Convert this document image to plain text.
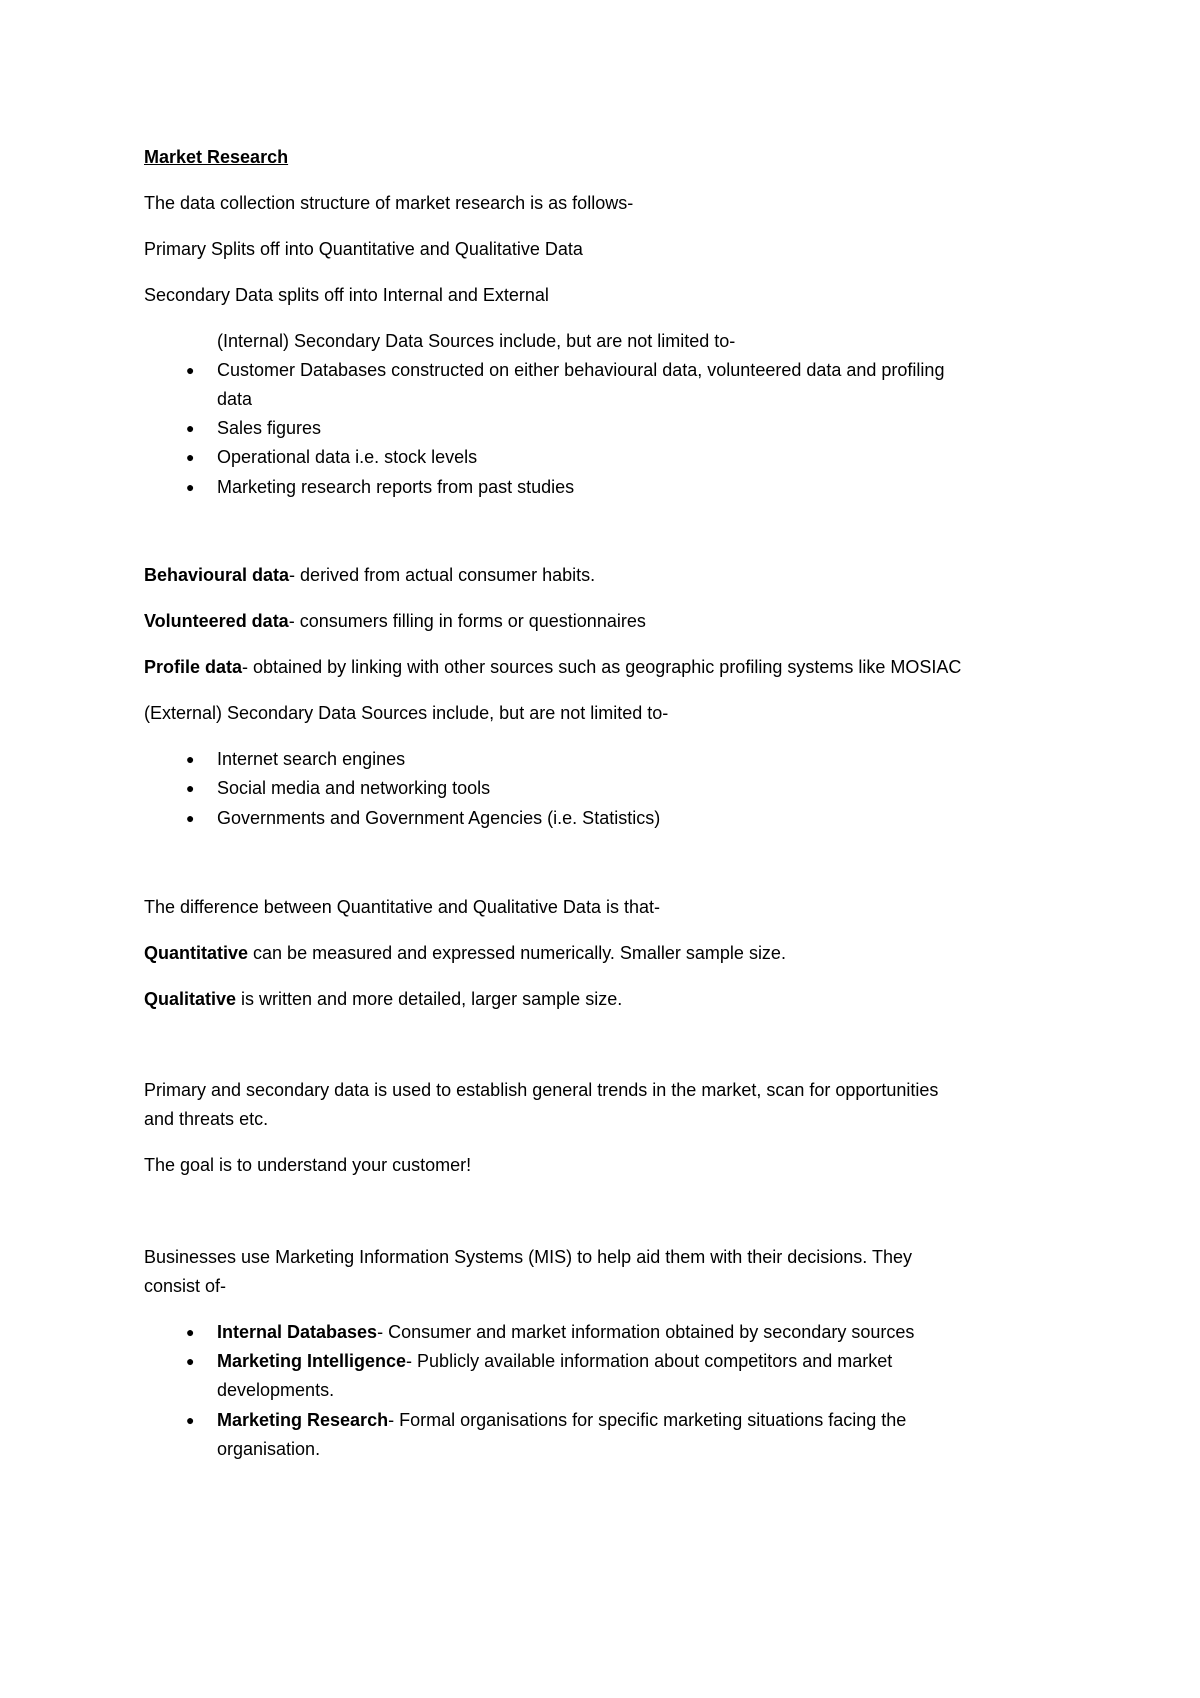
Market Research
The data collection structure of market research is as follows-
Primary Splits off into Quantitative and Qualitative Data
Secondary Data splits off into Internal and External
(Internal) Secondary Data Sources include, but are not limited to-
● Customer Databases constructed on either behavioural data, volunteered data and profiling
data
● Sales figures
● Operational data i.e. stock levels
● Marketing research reports from past studies
Behavioural data- derived from actual consumer habits.
Volunteered data- consumers filling in forms or questionnaires
Profile data- obtained by linking with other sources such as geographic profiling systems like MOSIAC
(External) Secondary Data Sources include, but are not limited to-
● Internet search engines
● Social media and networking tools
● Governments and Government Agencies (i.e. Statistics)
The difference between Quantitative and Qualitative Data is that-
Quantitative can be measured and expressed numerically. Smaller sample size.
Qualitative is written and more detailed, larger sample size.
Primary and secondary data is used to establish general trends in the market, scan for opportunities
and threats etc.
The goal is to understand your customer!
Businesses use Marketing Information Systems (MIS) to help aid them with their decisions. They
consist of-
● Internal Databases- Consumer and market information obtained by secondary sources
● Marketing Intelligence- Publicly available information about competitors and market
developments.
● Marketing Research- Formal organisations for specific marketing situations facing the
organisation.
